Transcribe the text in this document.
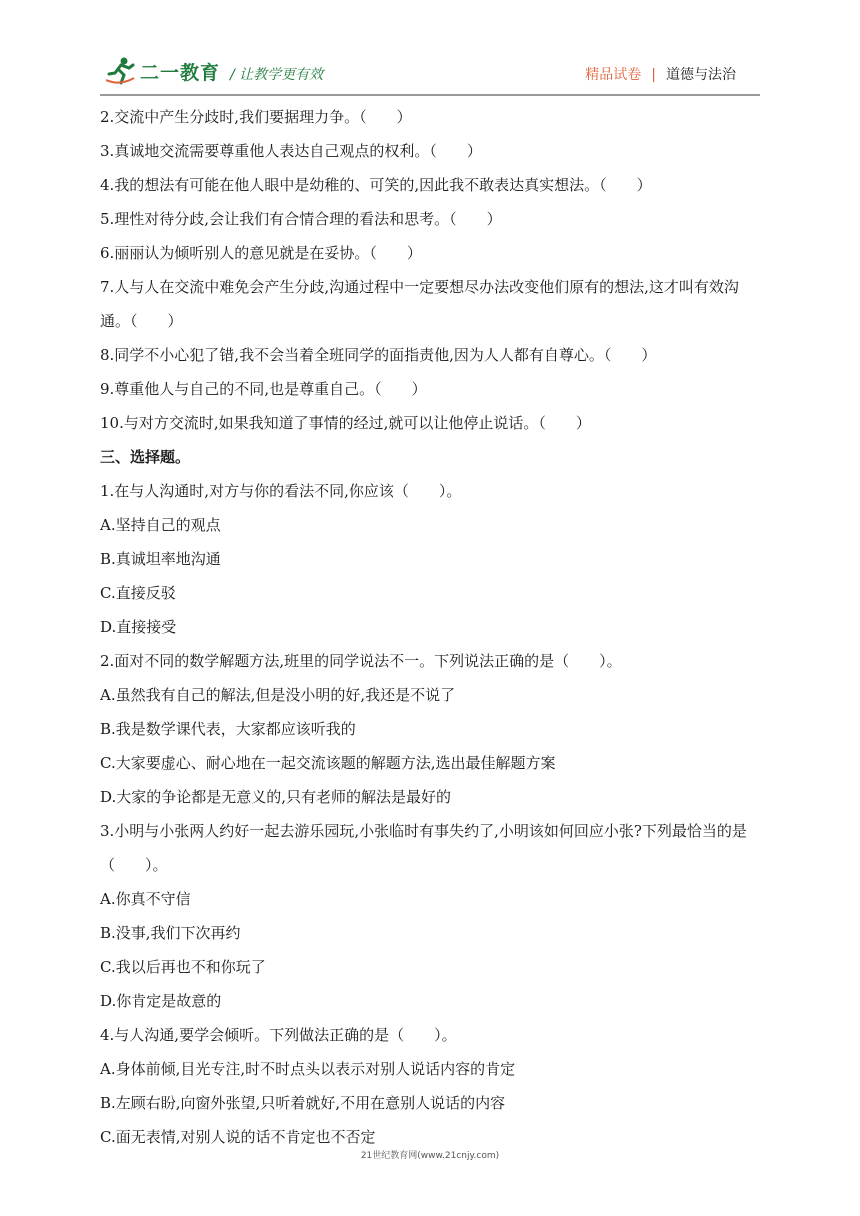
二一教育 / 让教学更有效	精品试卷 | 道德与法治
2.交流中产生分歧时,我们要据理力争。（　　）
3.真诚地交流需要尊重他人表达自己观点的权利。（　　）
4.我的想法有可能在他人眼中是幼稚的、可笑的,因此我不敢表达真实想法。（　　）
5.理性对待分歧,会让我们有合情合理的看法和思考。（　　）
6.丽丽认为倾听别人的意见就是在妥协。（　　）
7.人与人在交流中难免会产生分歧,沟通过程中一定要想尽办法改变他们原有的想法,这才叫有效沟通。（　　）
8.同学不小心犯了错,我不会当着全班同学的面指责他,因为人人都有自尊心。（　　）
9.尊重他人与自己的不同,也是尊重自己。（　　）
10.与对方交流时,如果我知道了事情的经过,就可以让他停止说话。（　　）
三、选择题。
1.在与人沟通时,对方与你的看法不同,你应该（　　）。
A.坚持自己的观点
B.真诚坦率地沟通
C.直接反驳
D.直接接受
2.面对不同的数学解题方法,班里的同学说法不一。下列说法正确的是（　　）。
A.虽然我有自己的解法,但是没小明的好,我还是不说了
B.我是数学课代表，大家都应该听我的
C.大家要虚心、耐心地在一起交流该题的解题方法,选出最佳解题方案
D.大家的争论都是无意义的,只有老师的解法是最好的
3.小明与小张两人约好一起去游乐园玩,小张临时有事失约了,小明该如何回应小张?下列最恰当的是（　　）。
A.你真不守信
B.没事,我们下次再约
C.我以后再也不和你玩了
D.你肯定是故意的
4.与人沟通,要学会倾听。下列做法正确的是（　　）。
A.身体前倾,目光专注,时不时点头以表示对别人说话内容的肯定
B.左顾右盼,向窗外张望,只听着就好,不用在意别人说话的内容
C.面无表情,对别人说的话不肯定也不否定
21世纪教育网(www.21cnjy.com)
